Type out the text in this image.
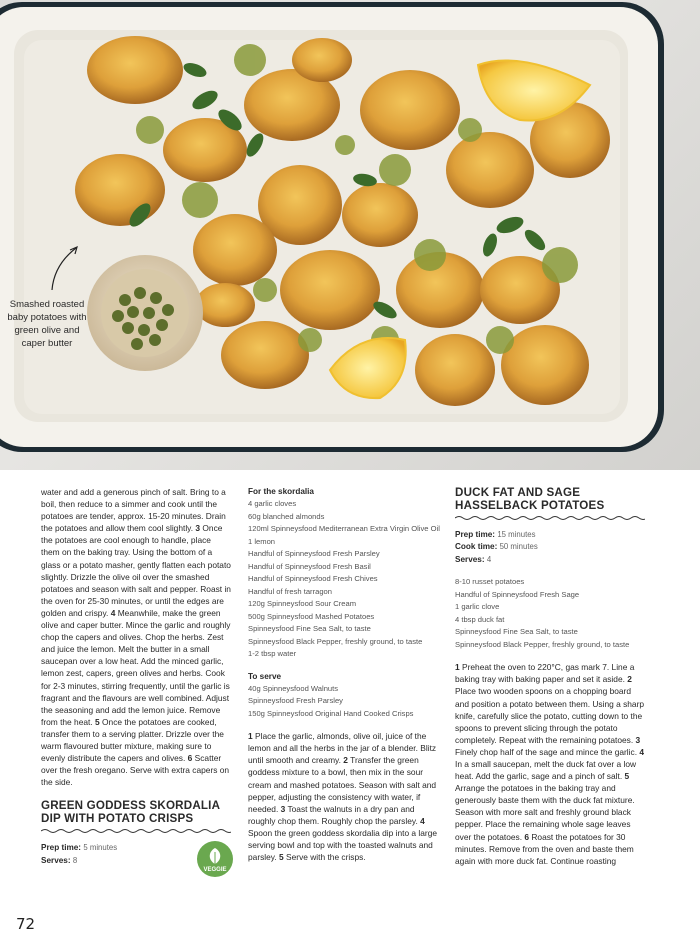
Smashed roasted baby potatoes with green olive and caper butter

water and add a generous pinch of salt. Bring to a boil, then reduce to a simmer and cook until the potatoes are tender, approx. 15-20 minutes. Drain the potatoes and allow them cool slightly. 3 Once the potatoes are cool enough to handle, place them on the baking tray. Using the bottom of a glass or a potato masher, gently flatten each potato slightly. Drizzle the olive oil over the smashed potatoes and season with salt and pepper. Roast in the oven for 25-30 minutes, or until the edges are golden and crispy. 4 Meanwhile, make the green olive and caper butter. Mince the garlic and roughly chop the capers and olives. Chop the herbs. Zest and juice the lemon. Melt the butter in a small saucepan over a low heat. Add the minced garlic, lemon zest, capers, green olives and herbs. Cook for 2-3 minutes, stirring frequently, until the garlic is fragrant and the flavours are well combined. Adjust the seasoning and add the lemon juice. Remove from the heat. 5 Once the potatoes are cooked, transfer them to a serving platter. Drizzle over the warm flavoured butter mixture, making sure to evenly distribute the capers and olives. 6 Scatter over the fresh oregano. Serve with extra capers on the side.

GREEN GODDESS SKORDALIA DIP WITH POTATO CRISPS

Prep time: 5 minutes

Serves: 8

VEGGIE

For the skordalia

4 garlic cloves

60g blanched almonds

120ml Spinneysfood Mediterranean Extra Virgin Olive Oil

1 lemon

Handful of Spinneysfood Fresh Parsley

Handful of Spinneysfood Fresh Basil

Handful of Spinneysfood Fresh Chives

Handful of fresh tarragon

120g Spinneysfood Sour Cream

500g Spinneysfood Mashed Potatoes

Spinneysfood Fine Sea Salt, to taste

Spinneysfood Black Pepper, freshly ground, to taste

1-2 tbsp water

To serve

40g Spinneysfood Walnuts

Spinneysfood Fresh Parsley

150g Spinneysfood Original Hand Cooked Crisps

1 Place the garlic, almonds, olive oil, juice of the lemon and all the herbs in the jar of a blender. Blitz until smooth and creamy. 2 Transfer the green goddess mixture to a bowl, then mix in the sour cream and mashed potatoes. Season with salt and pepper, adjusting the consistency with water, if needed. 3 Toast the walnuts in a dry pan and roughly chop them. Roughly chop the parsley. 4 Spoon the green goddess skordalia dip into a large serving bowl and top with the toasted walnuts and parsley. 5 Serve with the crisps.

DUCK FAT AND SAGE HASSELBACK POTATOES

Prep time: 15 minutes

Cook time: 50 minutes

Serves: 4

8-10 russet potatoes

Handful of Spinneysfood Fresh Sage

1 garlic clove

4 tbsp duck fat

Spinneysfood Fine Sea Salt, to taste

Spinneysfood Black Pepper, freshly ground, to taste

1 Preheat the oven to 220°C, gas mark 7. Line a baking tray with baking paper and set it aside. 2 Place two wooden spoons on a chopping board and position a potato between them. Using a sharp knife, carefully slice the potato, cutting down to the spoons to prevent slicing through the potato completely. Repeat with the remaining potatoes. 3 Finely chop half of the sage and mince the garlic. 4 In a small saucepan, melt the duck fat over a low heat. Add the garlic, sage and a pinch of salt. 5 Arrange the potatoes in the baking tray and generously baste them with the duck fat mixture. Season with more salt and freshly ground black pepper. Place the remaining whole sage leaves over the potatoes. 6 Roast the potatoes for 30 minutes. Remove from the oven and baste them again with more duck fat. Continue roasting

72
